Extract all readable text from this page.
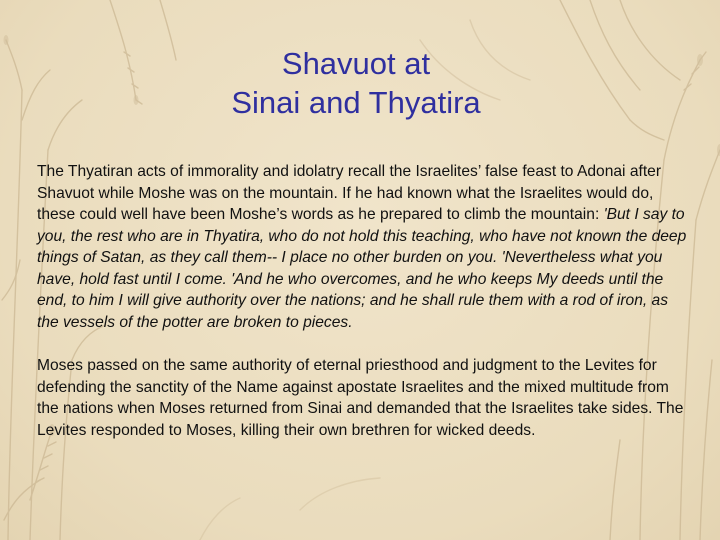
Shavuot at
Sinai and Thyatira

The Thyatiran acts of immorality and idolatry recall the Israelites’ false feast to Adonai after Shavuot while Moshe was on the mountain. If he had known what the Israelites would do, these could well have been Moshe’s words as he prepared to climb the mountain: 'But I say to you, the rest who are in Thyatira, who do not hold this teaching, who have not known the deep things of Satan, as they call them-- I place no other burden on you. 'Nevertheless what you have, hold fast until I come. 'And he who overcomes, and he who keeps My deeds until the end, to him I will give authority over the nations; and he shall rule them with a rod of iron, as the vessels of the potter are broken to pieces.

Moses passed on the same authority of eternal priesthood and judgment to the Levites for defending the sanctity of the Name against apostate Israelites and the mixed multitude from the nations when Moses returned from Sinai and demanded that the Israelites take sides. The Levites responded to Moses, killing their own brethren for wicked deeds.
